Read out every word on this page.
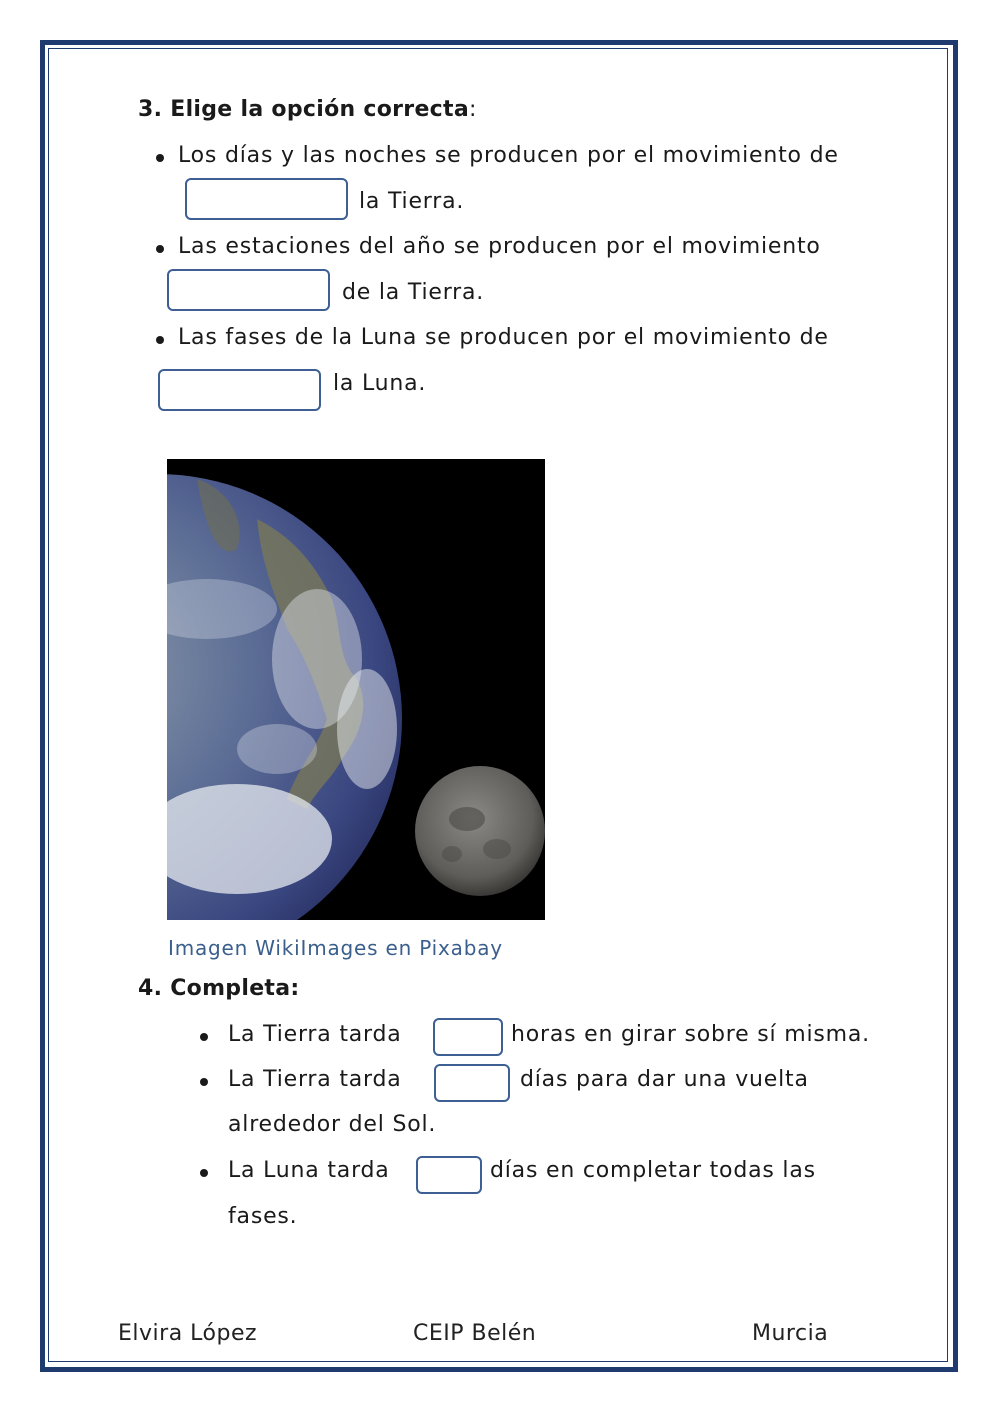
3. Elige la opción correcta:
Los días y las noches se producen por el movimiento de
la Tierra.
Las estaciones del año se producen por el movimiento
de la Tierra.
Las fases de la Luna se producen por el movimiento de
la Luna.
Imagen WikiImages en Pixabay
4. Completa:
La Tierra tarda	horas en girar sobre sí misma.
La Tierra tarda	días para dar una vuelta
alrededor del Sol.
La Luna tarda	días en completar todas las
fases.
Elvira López	CEIP Belén	Murcia
